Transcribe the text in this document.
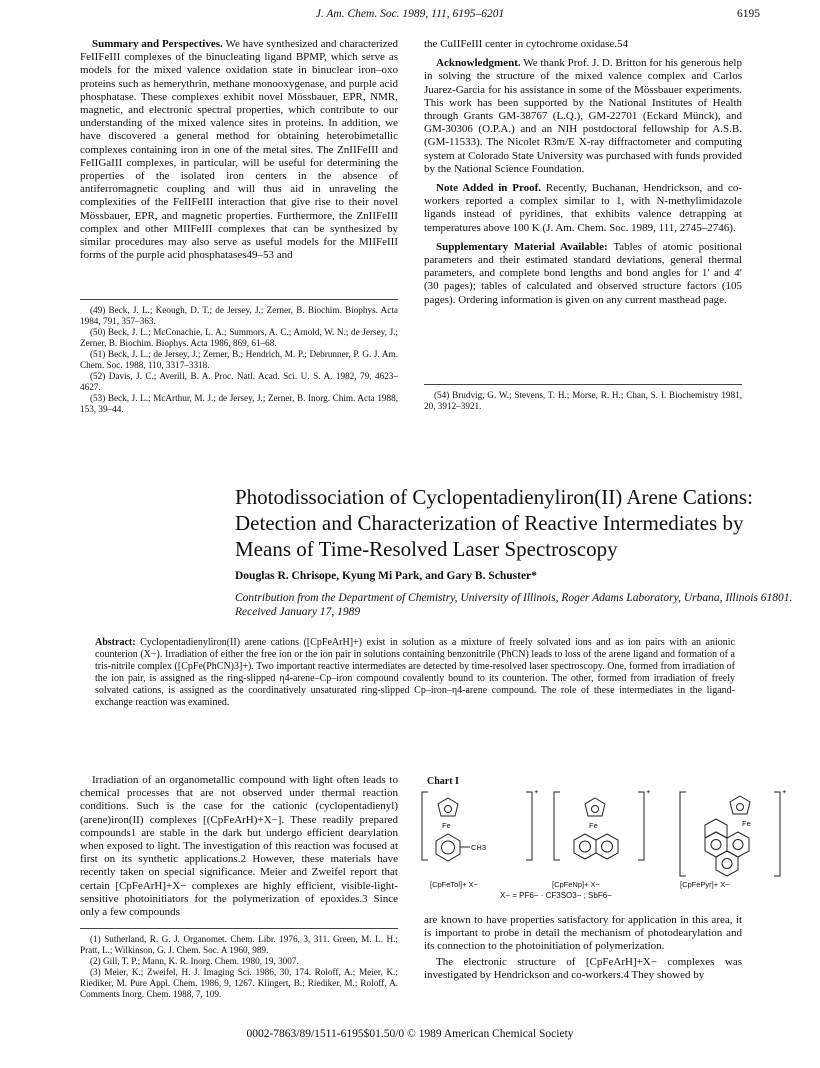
J. Am. Chem. Soc. 1989, 111, 6195–6201	6195

Summary and Perspectives. We have synthesized and characterized FeIIFeIII complexes of the binucleating ligand BPMP, which serve as models for the mixed valence oxidation state in binuclear iron–oxo proteins such as hemerythrin, methane monooxygenase, and purple acid phosphatase. These complexes exhibit novel Mössbauer, EPR, NMR, magnetic, and electronic spectral properties, which contribute to our understanding of the mixed valence sites in proteins. In addition, we have discovered a general method for obtaining heterobimetallic complexes containing iron in one of the metal sites. The ZnIIFeIII and FeIIGaIII complexes, in particular, will be useful for determining the properties of the isolated iron centers in the absence of antiferromagnetic coupling and will thus aid in unraveling the complexities of the FeIIFeIII interaction that give rise to their novel Mössbauer, EPR, and magnetic properties. Furthermore, the ZnIIFeIII complex and other MIIFeIII complexes that can be synthesized by similar procedures may also serve as useful models for the MIIFeIII forms of the purple acid phosphatases49–53 and

(49) Beck, J. L.; Keough, D. T.; de Jersey, J.; Zerner, B. Biochim. Biophys. Acta 1984, 791, 357–363.
(50) Beck, J. L.; McConachie, L. A.; Summors, A. C.; Arnold, W. N.; de Jersey, J.; Zerner, B. Biochim. Biophys. Acta 1986, 869, 61–68.
(51) Beck, J. L.; de Jersey, J.; Zerner, B.; Hendrich, M. P.; Debrunner, P. G. J. Am. Chem. Soc. 1988, 110, 3317–3318.
(52) Davis, J. C.; Averill, B. A. Proc. Natl. Acad. Sci. U. S. A. 1982, 79, 4623–4627.
(53) Beck, J. L.; McArthur, M. J.; de Jersey, J.; Zerner, B. Inorg. Chim. Acta 1988, 153, 39–44.

the CuIIFeIII center in cytochrome oxidase.54

Acknowledgment. We thank Prof. J. D. Britton for his generous help in solving the structure of the mixed valence complex and Carlos Juarez-Garcia for his assistance in some of the Mössbauer experiments. This work has been supported by the National Institutes of Health through Grants GM-38767 (L.Q.), GM-22701 (Eckard Münck), and GM-30306 (O.P.A.) and an NIH postdoctoral fellowship for A.S.B. (GM-11533). The Nicolet R3m/E X-ray diffractometer and computing system at Colorado State University was purchased with funds provided by the National Science Foundation.

Note Added in Proof. Recently, Buchanan, Hendrickson, and co-workers reported a complex similar to 1, with N-methylimidazole ligands instead of pyridines, that exhibits valence detrapping at temperatures above 100 K (J. Am. Chem. Soc. 1989, 111, 2745–2746).

Supplementary Material Available: Tables of atomic positional parameters and their estimated standard deviations, general thermal parameters, and complete bond lengths and bond angles for 1′ and 4′ (30 pages); tables of calculated and observed structure factors (105 pages). Ordering information is given on any current masthead page.

(54) Brudvig, G. W.; Stevens, T. H.; Morse, R. H.; Chan, S. I. Biochemistry 1981, 20, 3912–3921.
Photodissociation of Cyclopentadienyliron(II) Arene Cations: Detection and Characterization of Reactive Intermediates by Means of Time-Resolved Laser Spectroscopy
Douglas R. Chrisope, Kyung Mi Park, and Gary B. Schuster*
Contribution from the Department of Chemistry, University of Illinois, Roger Adams Laboratory, Urbana, Illinois 61801. Received January 17, 1989
Abstract: Cyclopentadienyliron(II) arene cations ([CpFeArH]+) exist in solution as a mixture of freely solvated ions and as ion pairs with an anionic counterion (X−). Irradiation of either the free ion or the ion pair in solutions containing benzonitrile (PhCN) leads to loss of the arene ligand and formation of a tris-nitrile complex ([CpFe(PhCN)3]+). Two important reactive intermediates are detected by time-resolved laser spectroscopy. One, formed from irradiation of the ion pair, is assigned as the ring-slipped η4-arene–Cp–iron compound covalently bound to its counterion. The other, formed from irradiation of freely solvated cations, is assigned as the coordinatively unsaturated ring-slipped Cp–iron–η4-arene compound. The role of these intermediates in the ligand-exchange reaction was examined.

Irradiation of an organometallic compound with light often leads to chemical processes that are not observed under thermal reaction conditions. Such is the case for the cationic (cyclopentadienyl)(arene)iron(II) complexes [(CpFeArH)+X−]. These readily prepared compounds1 are stable in the dark but undergo efficient dearylation when exposed to light. The investigation of this reaction was focused at first on its synthetic applications.2 However, these materials have recently taken on special significance. Meier and Zweifel report that certain [CpFeArH]+X− complexes are highly efficient, visible-light-sensitive photoinitiators for the polymerization of epoxides.3 Since only a few compounds

(1) Sutherland, R. G. J. Organomet. Chem. Libr. 1976, 3, 311. Green, M. L. H.; Pratt, L.; Wilkinson, G. J. Chem. Soc. A 1960, 989.
(2) Gill, T. P.; Mann, K. R. Inorg. Chem. 1980, 19, 3007.
(3) Meier, K.; Zweifel, H. J. Imaging Sci. 1986, 30, 174. Roloff, A.; Meier, K.; Riediker, M. Pure Appl. Chem. 1986, 9, 1267. Klingert, B.; Riediker, M.; Roloff, A. Comments Inorg. Chem. 1988, 7, 109.
Chart I
Fe
CH3
+
Fe
+
Fe
+
[CpFeTol]+ X−	[CpFeNp]+ X−	[CpFePyr]+ X−
X− = PF6− · CF3SO3− ; SbF6−

are known to have properties satisfactory for application in this area, it is important to probe in detail the mechanism of photodearylation and its connection to the photoinitiation of polymerization.

The electronic structure of [CpFeArH]+X− complexes was investigated by Hendrickson and co-workers.4 They showed by

0002-7863/89/1511-6195$01.50/0 © 1989 American Chemical Society
